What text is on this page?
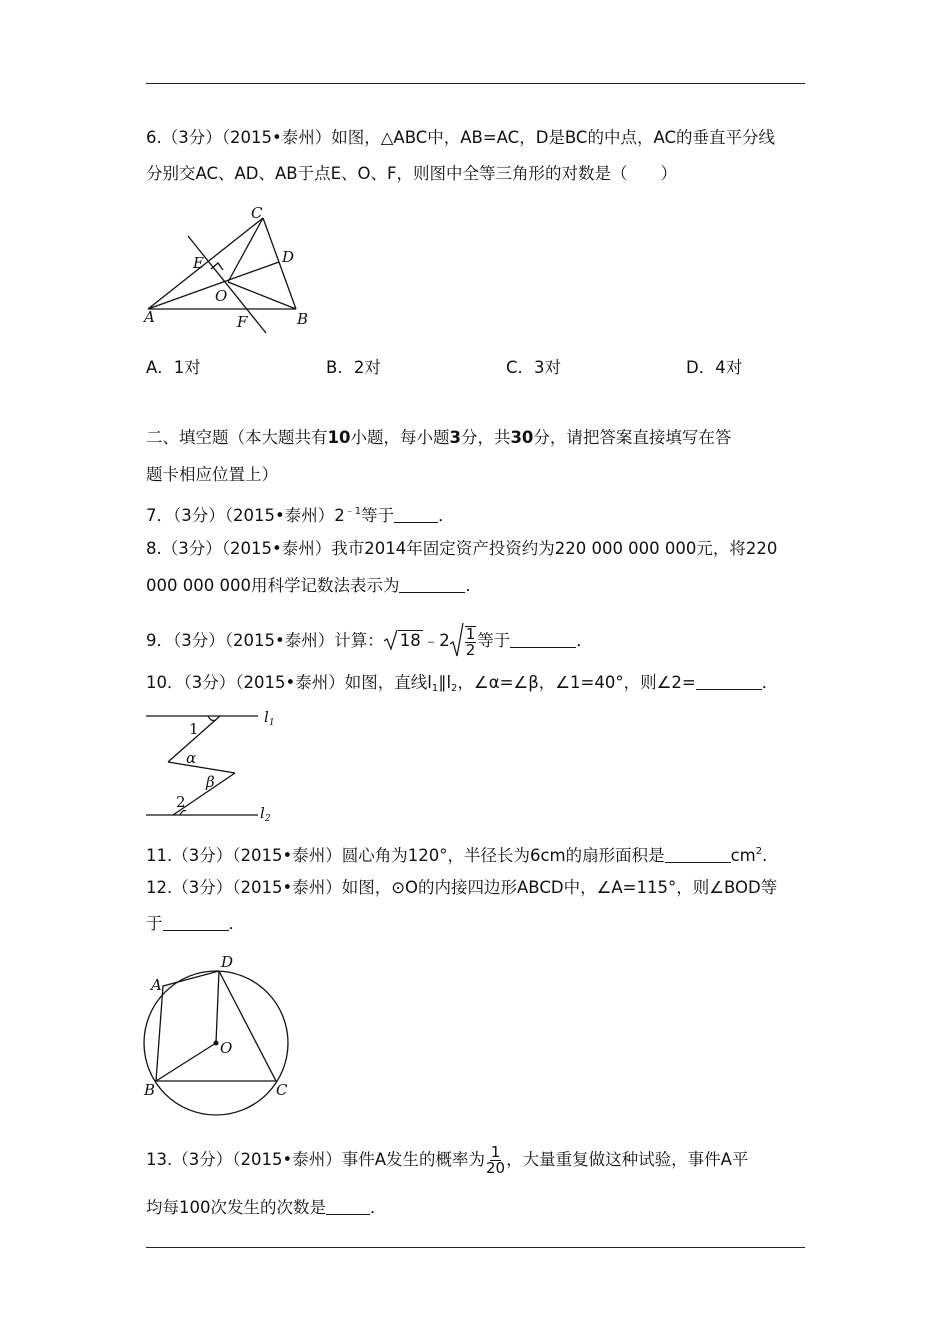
6.（3分）（2015•泰州）如图，△ABC中，AB=AC，D是BC的中点，AC的垂直平分线
分别交AC、AD、AB于点E、O、F，则图中全等三角形的对数是（　　）
C
D
E
O
A	F	B
A．1对	B．2对	C．3对	D．4对
二、填空题（本大题共有10小题，每小题3分，共30分，请把答案直接填写在答
题卡相应位置上）
7．（3分）（2015•泰州）$2^{﹣1}$等于	．
8.（3分）（2015•泰州）我市2014年固定资产投资约为220 000 000 000元，将220
000 000 000用科学记数法表示为	．
9．（3分）（2015•泰州）计算： 18 ﹣2 $\frac{1}{2}$ 等于	．
10．（3分）（2015•泰州）如图，直线$l_1\parallel l_2$，∠α=∠β，∠1=40°，则∠2=	．
$l_1$
$l_2$
1
α
β
2
11.（3分）（2015•泰州）圆心角为120°，半径长为6cm的扇形面积是	$cm^2$．
12.（3分）（2015•泰州）如图，⊙O的内接四边形ABCD中，∠A=115°，则∠BOD等
于	．
D
A
O
B	C
13.（3分）（2015•泰州）事件A发生的概率为 $\frac{1}{20}$ ，大量重复做这种试验，事件A平
均每100次发生的次数是	．
